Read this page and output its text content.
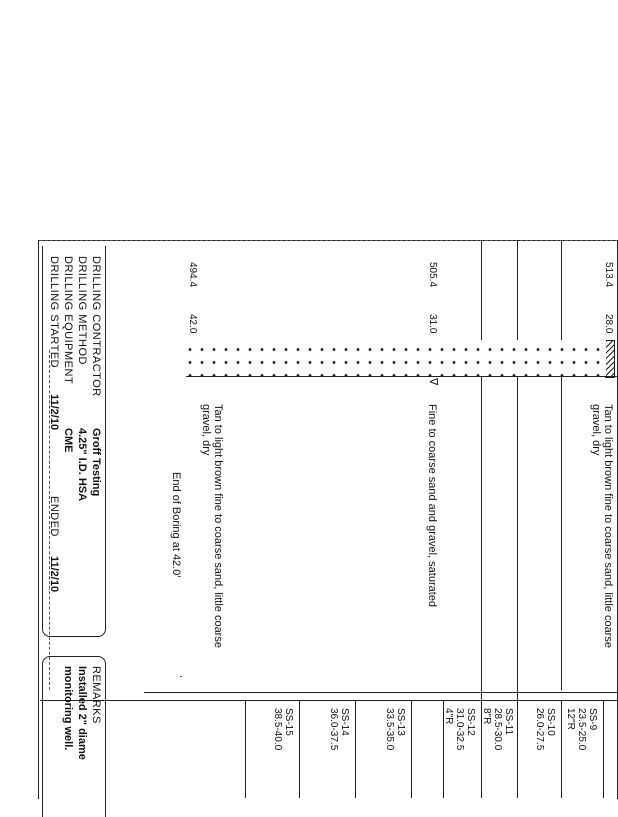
513.4
505.4
494.4
28.0
31.0
42.0
∇
Tan to light brown fine to coarse sand, little coarse gravel, dry
Fine to coarse sand and gravel, saturated
Tan to light brown fine to coarse sand, little coarse gravel, dry
End of Boring at 42.0'
SS-9
23.5-25.0
12"R
SS-10
26.0-27.5
SS-11
28.5-30.0
8"R
SS-12
31.0-32.5
4"R
SS-13
33.5-35.0
SS-14
36.0-37.5
SS-15
38.5-40.0
DRILLING CONTRACTOR
Groff Testing
DRILLING METHOD
4.25" I.D. HSA
DRILLING EQUIPMENT
CME
DRILLING STARTED
11/2/10
ENDED
11/2/10
REMARKS
Installed 2" diame
monitoring well.
